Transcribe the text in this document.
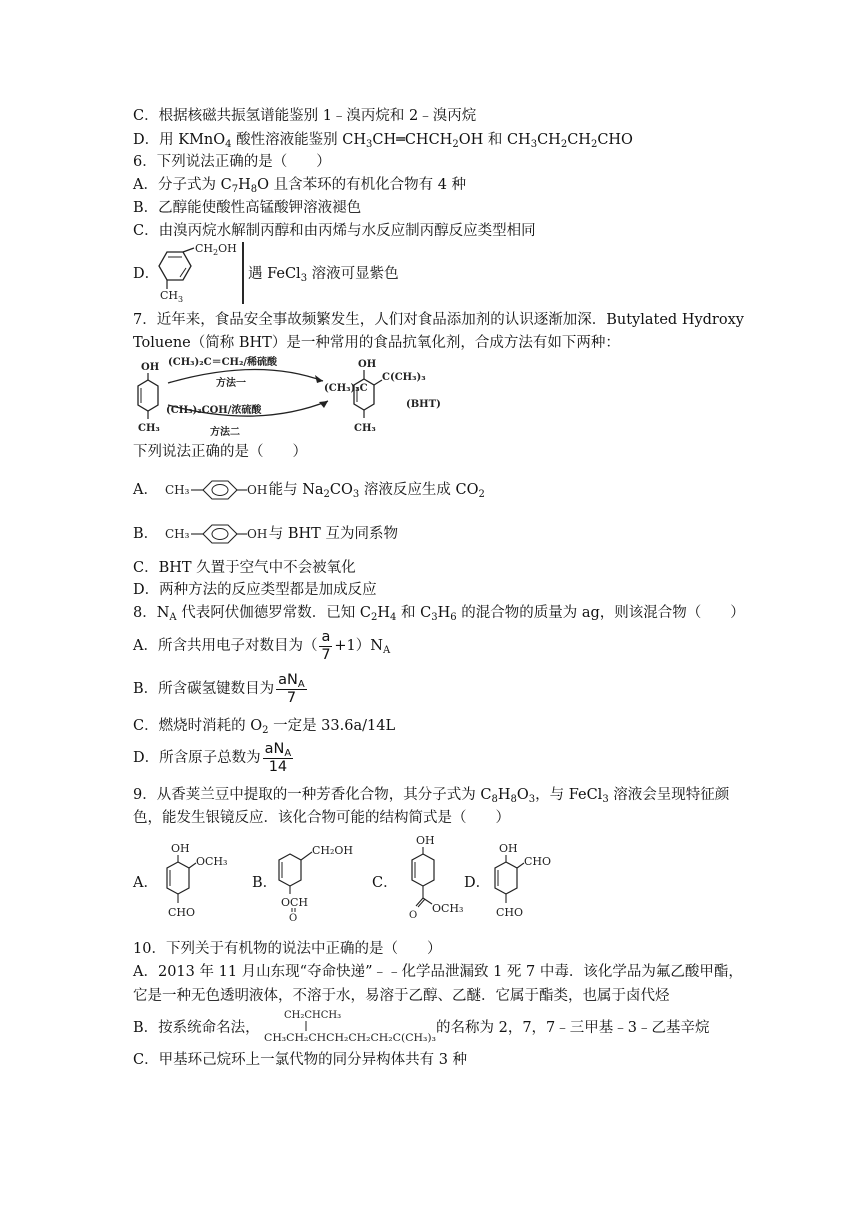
C．根据核磁共振氢谱能鉴别 1﹣溴丙烷和 2﹣溴丙烷
D．用 KMnO$_4$ 酸性溶液能鉴别 $CH_3CH═CHCH_2OH$ 和 $CH_3CH_2CH_2CHO$
6．下列说法正确的是（　　）
A．分子式为 $C_7H_8O$ 且含苯环的有机化合物有 4 种
B．乙醇能使酸性高锰酸钾溶液褪色
C．由溴丙烷水解制丙醇和由丙烯与水反应制丙醇反应类型相同
D．
$CH_2OH$
$CH_3$
遇 FeCl$_3$ 溶液可显紫色
7．近年来，食品安全事故频繁发生，人们对食品添加剂的认识逐渐加深．Butylated Hydroxy
Toluene（简称 BHT）是一种常用的食品抗氧化剂，合成方法有如下两种：
OH
CH₃
(CH₃)₂C＝CH₂/稀硫酸
方法一
(CH₃)₃COH/浓硫酸
方法二
(CH₃)₃C
OH
C(CH₃)₃
CH₃
(BHT)
下列说法正确的是（　　）
A． CH₃	OH 能与 $Na_2CO_3$ 溶液反应生成 $CO_2$
B． CH₃	OH 与 BHT 互为同系物
C．BHT 久置于空气中不会被氧化
D．两种方法的反应类型都是加成反应
8．$N_A$ 代表阿伏伽德罗常数．已知 $C_2H_4$ 和 $C_3H_6$ 的混合物的质量为 ag，则该混合物（　　）
A．所含共用电子对数目为（ $\frac{a}{7} +1)N_A$
B．所含碳氢键数目为 $\frac{aN_A}{7}$
C．燃烧时消耗的 $O_2$ 一定是 33.6a/14L
D．所含原子总数为 $\frac{aN_A}{14}$
9．从香荚兰豆中提取的一种芳香化合物，其分子式为 $C_8H_8O_3$，与 FeCl$_3$ 溶液会呈现特征颜
色，能发生银镜反应．该化合物可能的结构简式是（　　）
A．
OH
OCH₃
CHO
B．
CH₂OH
OCH
O
C．
OH
O
OCH₃
D．
OH
CHO
CHO
10．下列关于有机物的说法中正确的是（　　）
A．2013 年 11 月山东现“夺命快递”﹣﹣化学品泄漏致 1 死 7 中毒．该化学品为氟乙酸甲酯，
它是一种无色透明液体，不溶于水，易溶于乙醇、乙醚．它属于酯类，也属于卤代烃
B．按系统命名法，
CH₂CHCH₃
CH₃CH₂CHCH₂CH₂CH₂C(CH₃)₃
的名称为 2，7，7﹣三甲基﹣3﹣乙基辛烷
C．甲基环己烷环上一氯代物的同分异构体共有 3 种
